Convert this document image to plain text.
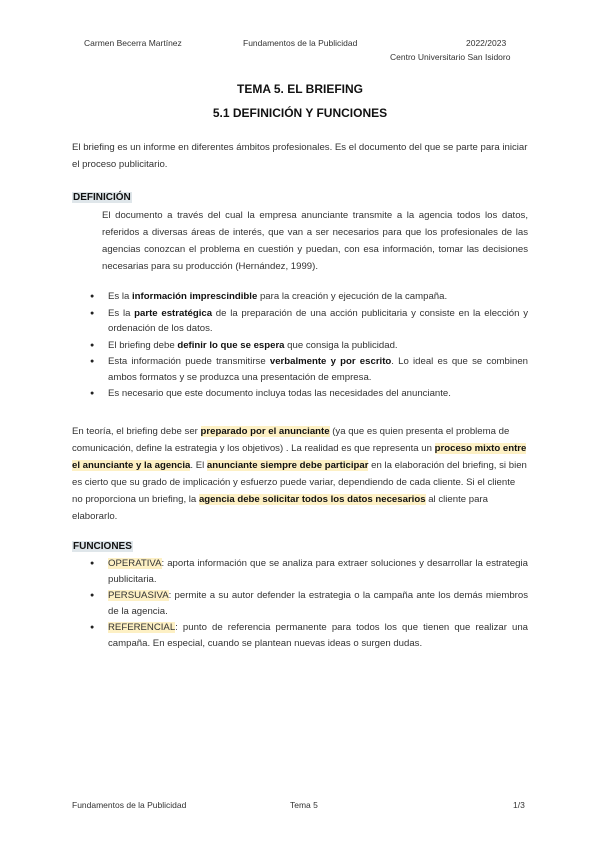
Carmen Becerra Martínez	Fundamentos de la Publicidad	2022/2023
Centro Universitario San Isidoro
TEMA 5. EL BRIEFING
5.1 DEFINICIÓN Y FUNCIONES
El briefing es un informe en diferentes ámbitos profesionales. Es el documento del que se parte para iniciar el proceso publicitario.
DEFINICIÓN
El documento a través del cual la empresa anunciante transmite a la agencia todos los datos, referidos a diversas áreas de interés, que van a ser necesarios para que los profesionales de las agencias conozcan el problema en cuestión y puedan, con esa información, tomar las decisiones necesarias para su producción (Hernández, 1999).
● Es la información imprescindible para la creación y ejecución de la campaña.
● Es la parte estratégica de la preparación de una acción publicitaria y consiste en la elección y ordenación de los datos.
● El briefing debe definir lo que se espera que consiga la publicidad.
● Esta información puede transmitirse verbalmente y por escrito. Lo ideal es que se combinen ambos formatos y se produzca una presentación de empresa.
● Es necesario que este documento incluya todas las necesidades del anunciante.
En teoría, el briefing debe ser preparado por el anunciante (ya que es quien presenta el problema de comunicación, define la estrategia y los objetivos) . La realidad es que representa un proceso mixto entre el anunciante y la agencia. El anunciante siempre debe participar en la elaboración del briefing, si bien es cierto que su grado de implicación y esfuerzo puede variar, dependiendo de cada cliente. Si el cliente no proporciona un briefing, la agencia debe solicitar todos los datos necesarios al cliente para elaborarlo.
FUNCIONES
● OPERATIVA: aporta información que se analiza para extraer soluciones y desarrollar la estrategia publicitaria.
● PERSUASIVA: permite a su autor defender la estrategia o la campaña ante los demás miembros de la agencia.
● REFERENCIAL: punto de referencia permanente para todos los que tienen que realizar una campaña. En especial, cuando se plantean nuevas ideas o surgen dudas.
Fundamentos de la Publicidad	Tema 5	1/3
